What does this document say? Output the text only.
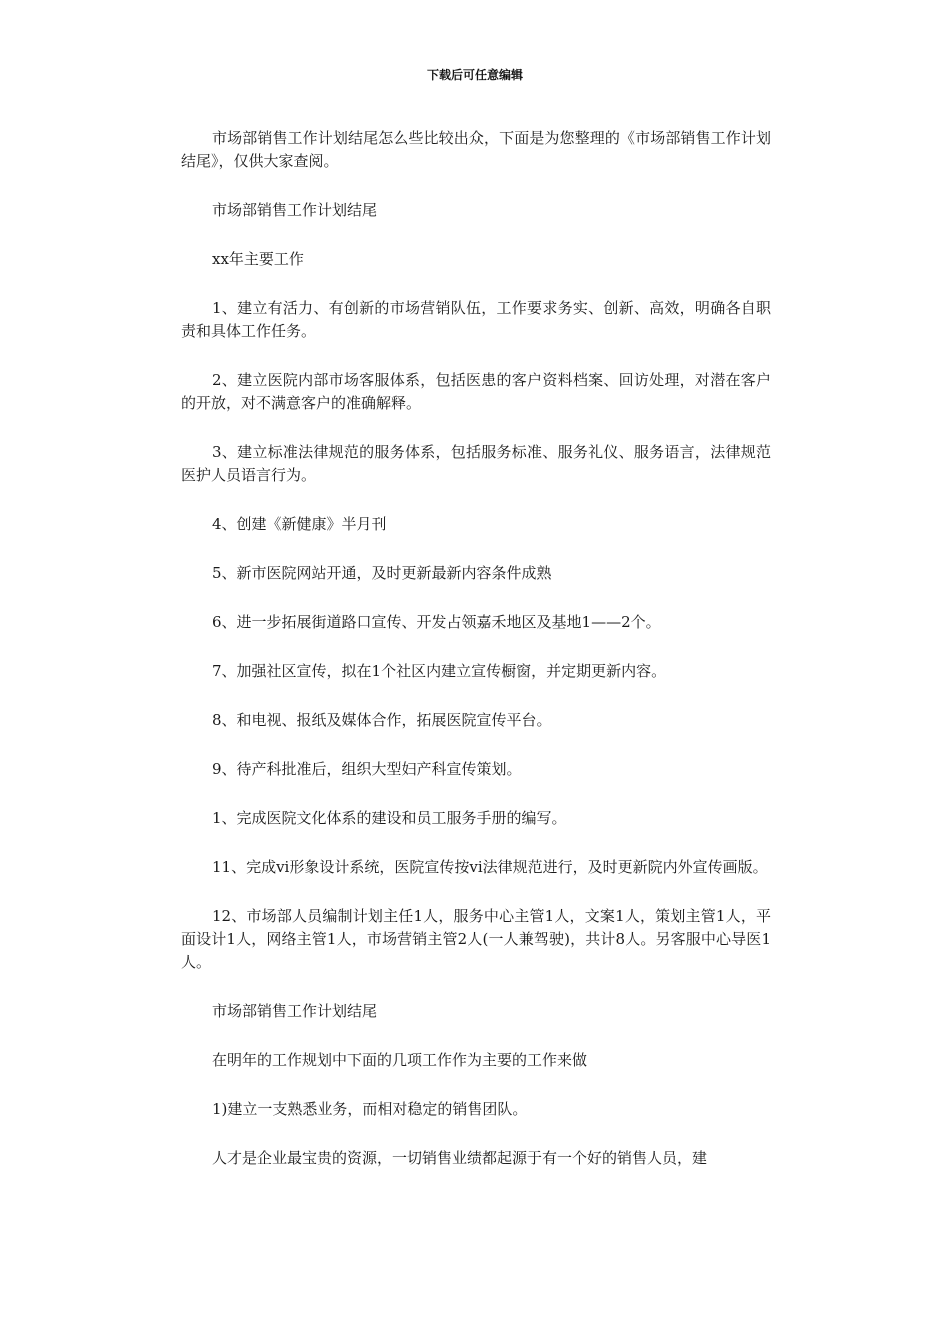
下载后可任意编辑

市场部销售工作计划结尾怎么些比较出众，下面是为您整理的《市场部销售工作计划结尾》，仅供大家查阅。

市场部销售工作计划结尾

xx年主要工作

1、建立有活力、有创新的市场营销队伍，工作要求务实、创新、高效，明确各自职责和具体工作任务。

2、建立医院内部市场客服体系，包括医患的客户资料档案、回访处理，对潜在客户的开放，对不满意客户的准确解释。

3、建立标准法律规范的服务体系，包括服务标准、服务礼仪、服务语言，法律规范医护人员语言行为。

4、创建《新健康》半月刊

5、新市医院网站开通，及时更新最新内容条件成熟

6、进一步拓展街道路口宣传、开发占领嘉禾地区及基地1——2个。

7、加强社区宣传，拟在1个社区内建立宣传橱窗，并定期更新内容。

8、和电视、报纸及媒体合作，拓展医院宣传平台。

9、待产科批准后，组织大型妇产科宣传策划。

1、完成医院文化体系的建设和员工服务手册的编写。

11、完成vi形象设计系统，医院宣传按vi法律规范进行，及时更新院内外宣传画版。

12、市场部人员编制计划主任1人，服务中心主管1人，文案1人，策划主管1人，平面设计1人，网络主管1人，市场营销主管2人(一人兼驾驶)，共计8人。另客服中心导医1人。

市场部销售工作计划结尾

在明年的工作规划中下面的几项工作作为主要的工作来做

1)建立一支熟悉业务，而相对稳定的销售团队。

人才是企业最宝贵的资源，一切销售业绩都起源于有一个好的销售人员，建
